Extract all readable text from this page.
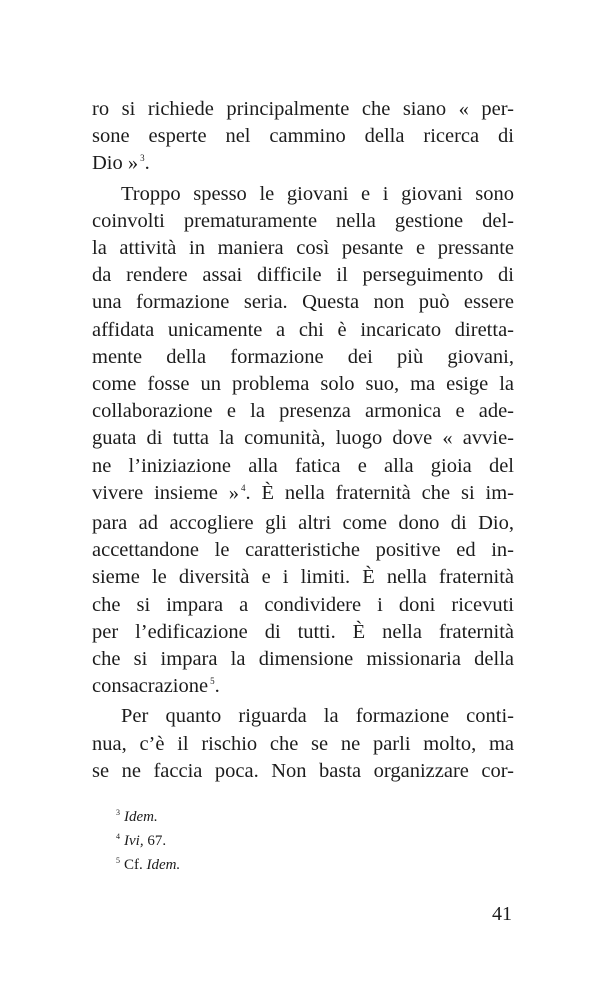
ro si richiede principalmente che siano « per-
sone esperte nel cammino della ricerca di
Dio » $^3$.
Troppo spesso le giovani e i giovani sono
coinvolti prematuramente nella gestione del-
la attività in maniera così pesante e pressante
da rendere assai difficile il perseguimento di
una formazione seria. Questa non può essere
affidata unicamente a chi è incaricato diretta-
mente della formazione dei più giovani,
come fosse un problema solo suo, ma esige la
collaborazione e la presenza armonica e ade-
guata di tutta la comunità, luogo dove « avvie-
ne l’iniziazione alla fatica e alla gioia del
vivere insieme » $^4$. È nella fraternità che si im-
para ad accogliere gli altri come dono di Dio,
accettandone le caratteristiche positive ed in-
sieme le diversità e i limiti. È nella fraternità
che si impara a condividere i doni ricevuti
per l’edificazione di tutti. È nella fraternità
che si impara la dimensione missionaria della
consacrazione $^5$.
Per quanto riguarda la formazione conti-
nua, c’è il rischio che se ne parli molto, ma
se ne faccia poca. Non basta organizzare cor-
$^3$ Idem.
$^4$ Ivi, 67.
$^5$ Cf. Idem.
41
